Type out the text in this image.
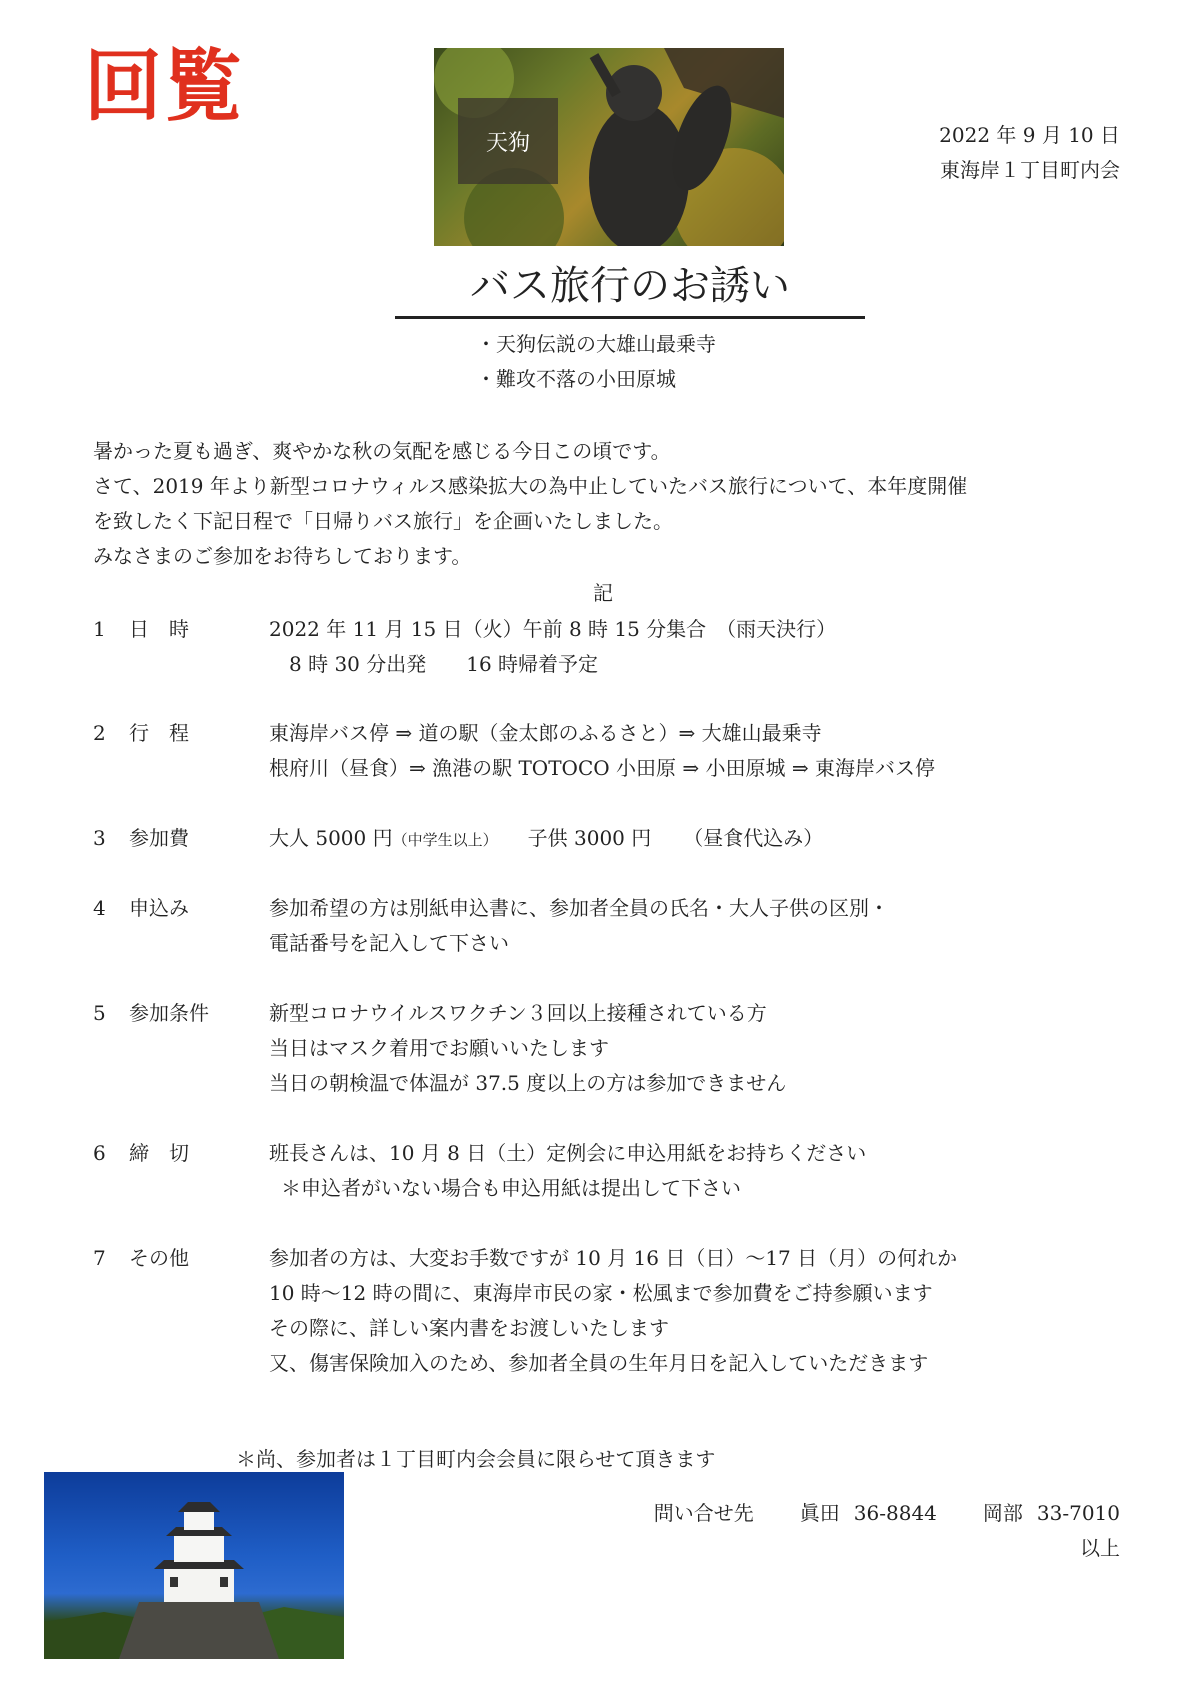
回覧
天狗	2022 年 9 月 10 日
東海岸１丁目町内会
バス旅行のお誘い
・天狗伝説の大雄山最乗寺
・難攻不落の小田原城
暑かった夏も過ぎ、爽やかな秋の気配を感じる今日この頃です。
さて、2019 年より新型コロナウィルス感染拡大の為中止していたバス旅行について、本年度開催
を致したく下記日程で「日帰りバス旅行」を企画いたしました。
みなさまのご参加をお待ちしております。
記
1	日　時	2022 年 11 月 15 日（火）午前 8 時 15 分集合　（雨天決行）
　8 時 30 分出発　　16 時帰着予定
2	行　程	東海岸バス停 ⇒ 道の駅（金太郎のふるさと）⇒ 大雄山最乗寺
根府川（昼食）⇒ 漁港の駅 TOTOCO 小田原 ⇒ 小田原城 ⇒ 東海岸バス停
3	参加費	大人 5000 円（中学生以上） 子供 3000 円 （昼食代込み）
4	申込み	参加希望の方は別紙申込書に、参加者全員の氏名・大人子供の区別・
電話番号を記入して下さい
5	参加条件	新型コロナウイルスワクチン３回以上接種されている方
当日はマスク着用でお願いいたします
当日の朝検温で体温が 37.5 度以上の方は参加できません
6	締　切	班長さんは、10 月 8 日（土）定例会に申込用紙をお持ちください
＊申込者がいない場合も申込用紙は提出して下さい
7	その他	参加者の方は、大変お手数ですが 10 月 16 日（日）〜17 日（月）の何れか
10 時〜12 時の間に、東海岸市民の家・松風まで参加費をご持参願います
その際に、詳しい案内書をお渡しいたします
又、傷害保険加入のため、参加者全員の生年月日を記入していただきます
＊尚、参加者は１丁目町内会会員に限らせて頂きます
問い合せ先 眞田 36-8844 岡部 33-7010
以上
